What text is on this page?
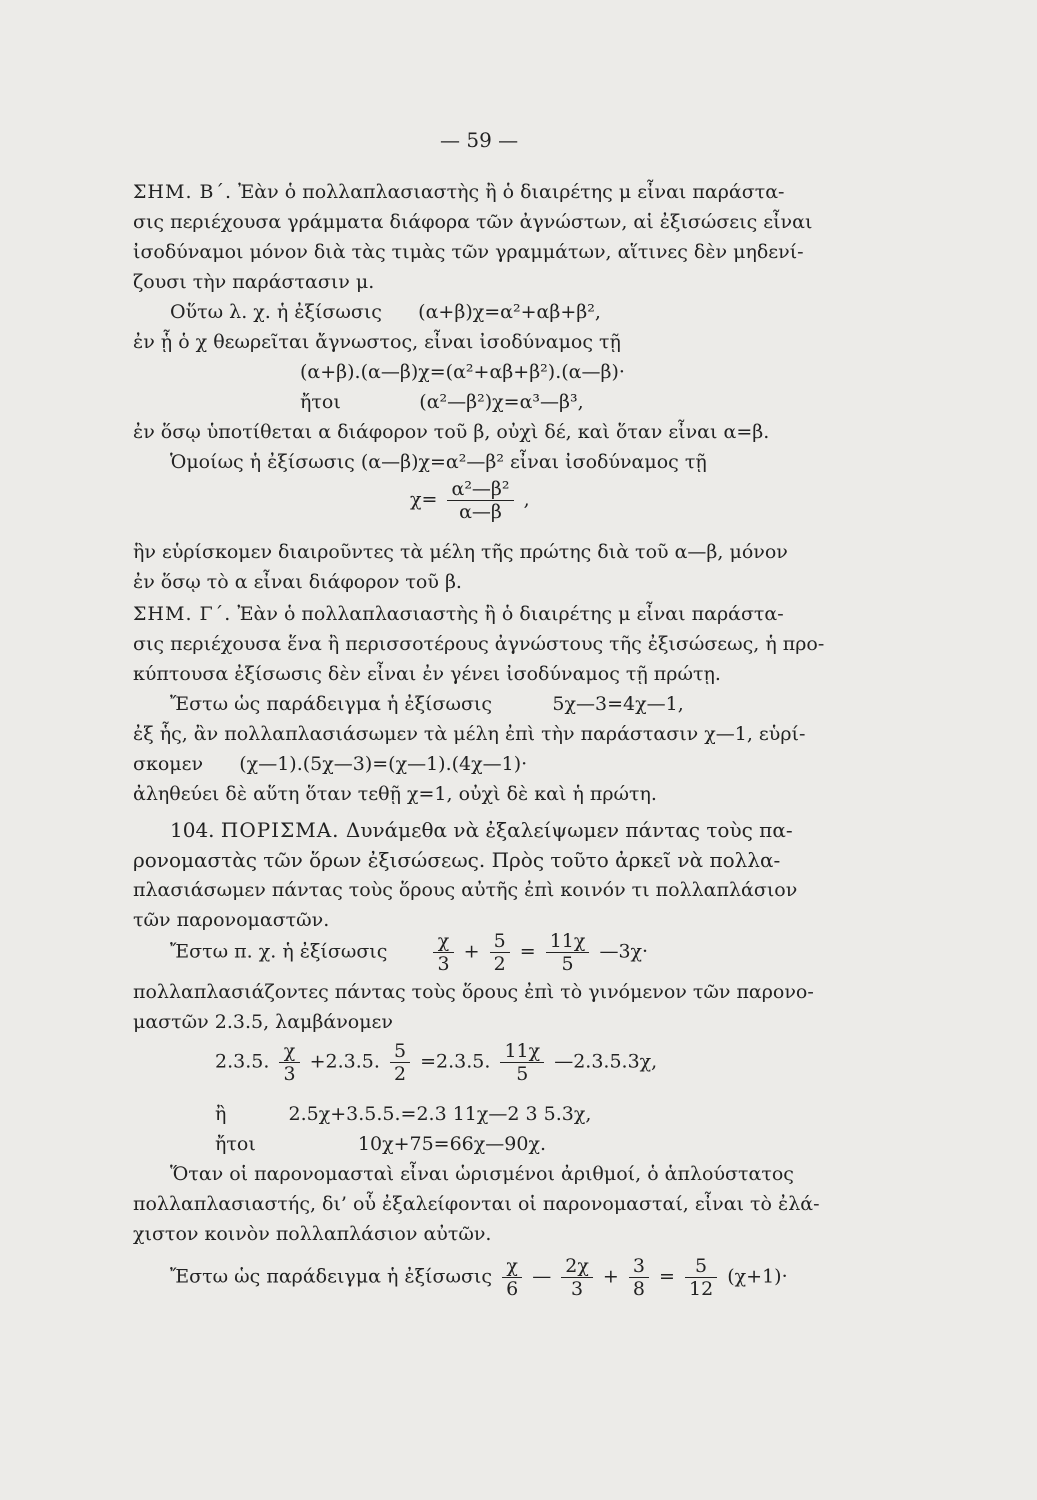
— 59 —

ΣΗΜ. Β΄. Ἐὰν ὁ πολλαπλασιαστὴς ἢ ὁ διαιρέτης μ εἶναι παράστα-

σις περιέχουσα γράμματα διάφορα τῶν ἀγνώστων, αἱ ἐξισώσεις εἶναι

ἰσοδύναμοι μόνον διὰ τὰς τιμὰς τῶν γραμμάτων, αἵτινες δὲν μηδενί-

ζουσι τὴν παράστασιν μ.

Οὕτω λ. χ. ἡ ἐξίσωσις      (α+β)χ=α²+αβ+β²,

ἐν ᾗ ὁ χ θεωρεῖται ἄγνωστος, εἶναι ἰσοδύναμος τῇ

(α+β).(α—β)χ=(α²+αβ+β²).(α—β)·

ἤτοι             (α²—β²)χ=α³—β³,

ἐν ὅσῳ ὑποτίθεται α διάφορον τοῦ β, οὐχὶ δέ, καὶ ὅταν εἶναι α=β.

Ὁμοίως ἡ ἐξίσωσις (α—β)χ=α²—β² εἶναι ἰσοδύναμος τῇ

$\chi= \frac{\text{α²—β²}}{\alpha—\beta}$ ,

ἣν εὑρίσκομεν διαιροῦντες τὰ μέλη τῆς πρώτης διὰ τοῦ α—β, μόνον

ἐν ὅσῳ τὸ α εἶναι διάφορον τοῦ β.

ΣΗΜ. Γ΄. Ἐὰν ὁ πολλαπλασιαστὴς ἢ ὁ διαιρέτης μ εἶναι παράστα-

σις περιέχουσα ἕνα ἢ περισσοτέρους ἀγνώστους τῆς ἐξισώσεως, ἡ προ-

κύπτουσα ἐξίσωσις δὲν εἶναι ἐν γένει ἰσοδύναμος τῇ πρώτῃ.

Ἔστω ὡς παράδειγμα ἡ ἐξίσωσις          5χ—3=4χ—1,

ἐξ ἧς, ἂν πολλαπλασιάσωμεν τὰ μέλη ἐπὶ τὴν παράστασιν χ—1, εὑρί-

σκομεν      (χ—1).(5χ—3)=(χ—1).(4χ—1)·

ἀληθεύει δὲ αὕτη ὅταν τεθῇ χ=1, οὐχὶ δὲ καὶ ἡ πρώτη.

104. ΠΟΡΙΣΜΑ. Δυνάμεθα νὰ ἐξαλείψωμεν πάντας τοὺς πα-

ρονομαστὰς τῶν ὅρων ἐξισώσεως. Πρὸς τοῦτο ἀρκεῖ νὰ πολλα-

πλασιάσωμεν πάντας τοὺς ὅρους αὐτῆς ἐπὶ κοινόν τι πολλαπλάσιον

τῶν παρονομαστῶν.

Ἔστω π. χ. ἡ ἐξίσωσις $\frac{\chi}{3} + \frac{5}{2} = \frac{11\chi}{5}$ —3χ·

πολλαπλασιάζοντες πάντας τοὺς ὅρους ἐπὶ τὸ γινόμενον τῶν παρονο-

μαστῶν 2.3.5, λαμβάνομεν

2.3.5. $\frac{\chi}{3} +2.3.5$. $\frac{5}{2} =2.3.5$. $\frac{11\chi}{5}$ —2.3.5.3χ,

ἢ	2.5χ+3.5.5.=2.3 11χ—2 3 5.3χ,

ἤτοι	10χ+75=66χ—90χ.

Ὅταν οἱ παρονομασταὶ εἶναι ὡρισμένοι ἀριθμοί, ὁ ἁπλούστατος

πολλαπλασιαστής, δι’ οὗ ἐξαλείφονται οἱ παρονομασταί, εἶναι τὸ ἐλά-

χιστον κοινὸν πολλαπλάσιον αὐτῶν.

Ἔστω ὡς παράδειγμα ἡ ἐξίσωσις $\frac{\chi}{6}$ — $\frac{2\chi}{3} + \frac{3}{8} = \frac{5}{12} (\chi+1)\cdot$
